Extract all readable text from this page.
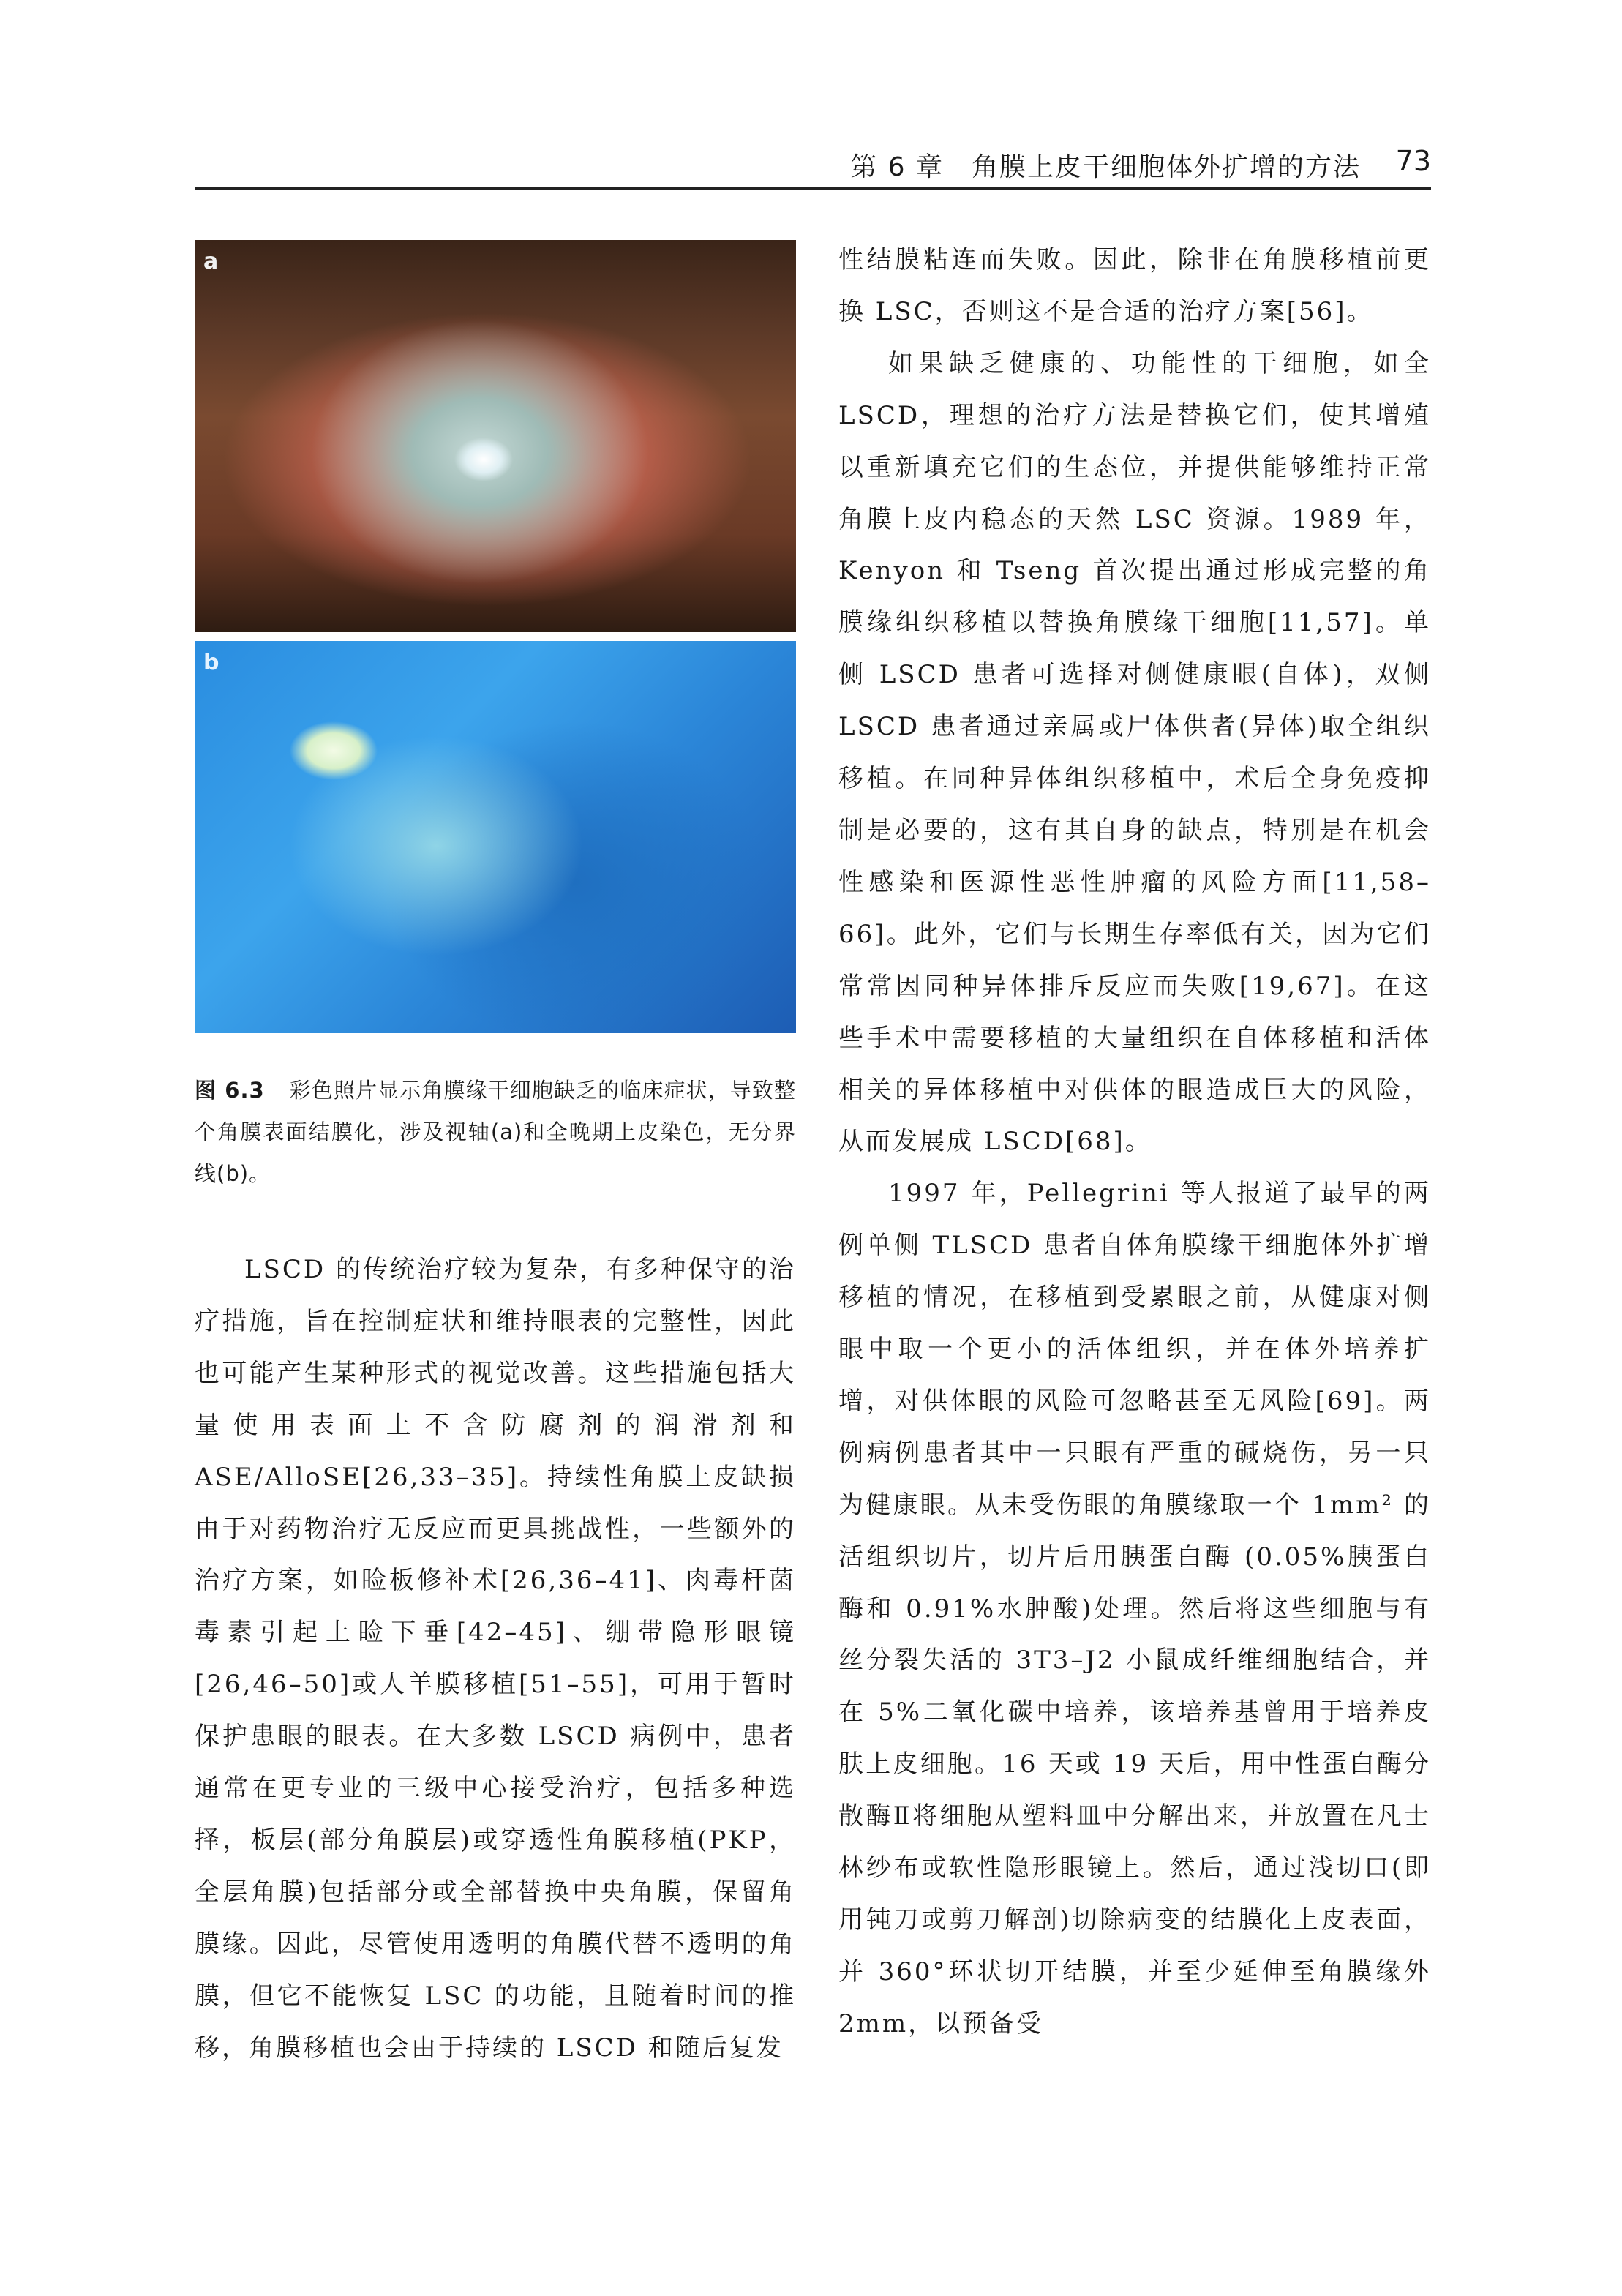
第 6 章　角膜上皮干细胞体外扩增的方法 73
a
b
图 6.3 彩色照片显示角膜缘干细胞缺乏的临床症状，导致整个角膜表面结膜化，涉及视轴(a)和全晚期上皮染色，无分界线(b)。

LSCD 的传统治疗较为复杂，有多种保守的治疗措施，旨在控制症状和维持眼表的完整性，因此也可能产生某种形式的视觉改善。这些措施包括大量使用表面上不含防腐剂的润滑剂和 ASE/AlloSE[26,33–35]。持续性角膜上皮缺损由于对药物治疗无反应而更具挑战性，一些额外的治疗方案，如睑板修补术[26,36–41]、肉毒杆菌毒素引起上睑下垂[42–45]、绷带隐形眼镜[26,46–50]或人羊膜移植[51–55]，可用于暂时保护患眼的眼表。在大多数 LSCD 病例中，患者通常在更专业的三级中心接受治疗，包括多种选择，板层(部分角膜层)或穿透性角膜移植(PKP，全层角膜)包括部分或全部替换中央角膜，保留角膜缘。因此，尽管使用透明的角膜代替不透明的角膜，但它不能恢复 LSC 的功能，且随着时间的推移，角膜移植也会由于持续的 LSCD 和随后复发

性结膜粘连而失败。因此，除非在角膜移植前更换 LSC，否则这不是合适的治疗方案[56]。

如果缺乏健康的、功能性的干细胞，如全 LSCD，理想的治疗方法是替换它们，使其增殖以重新填充它们的生态位，并提供能够维持正常角膜上皮内稳态的天然 LSC 资源。1989 年，Kenyon 和 Tseng 首次提出通过形成完整的角膜缘组织移植以替换角膜缘干细胞[11,57]。单侧 LSCD 患者可选择对侧健康眼(自体)，双侧 LSCD 患者通过亲属或尸体供者(异体)取全组织移植。在同种异体组织移植中，术后全身免疫抑制是必要的，这有其自身的缺点，特别是在机会性感染和医源性恶性肿瘤的风险方面[11,58–66]。此外，它们与长期生存率低有关，因为它们常常因同种异体排斥反应而失败[19,67]。在这些手术中需要移植的大量组织在自体移植和活体相关的异体移植中对供体的眼造成巨大的风险，从而发展成 LSCD[68]。

1997 年，Pellegrini 等人报道了最早的两例单侧 TLSCD 患者自体角膜缘干细胞体外扩增移植的情况，在移植到受累眼之前，从健康对侧眼中取一个更小的活体组织，并在体外培养扩增，对供体眼的风险可忽略甚至无风险[69]。两例病例患者其中一只眼有严重的碱烧伤，另一只为健康眼。从未受伤眼的角膜缘取一个 1mm² 的活组织切片，切片后用胰蛋白酶 (0.05%胰蛋白酶和 0.91%水肿酸)处理。然后将这些细胞与有丝分裂失活的 3T3–J2 小鼠成纤维细胞结合，并在 5%二氧化碳中培养，该培养基曾用于培养皮肤上皮细胞。16 天或 19 天后，用中性蛋白酶分散酶Ⅱ将细胞从塑料皿中分解出来，并放置在凡士林纱布或软性隐形眼镜上。然后，通过浅切口(即用钝刀或剪刀解剖)切除病变的结膜化上皮表面，并 360°环状切开结膜，并至少延伸至角膜缘外 2mm，以预备受
